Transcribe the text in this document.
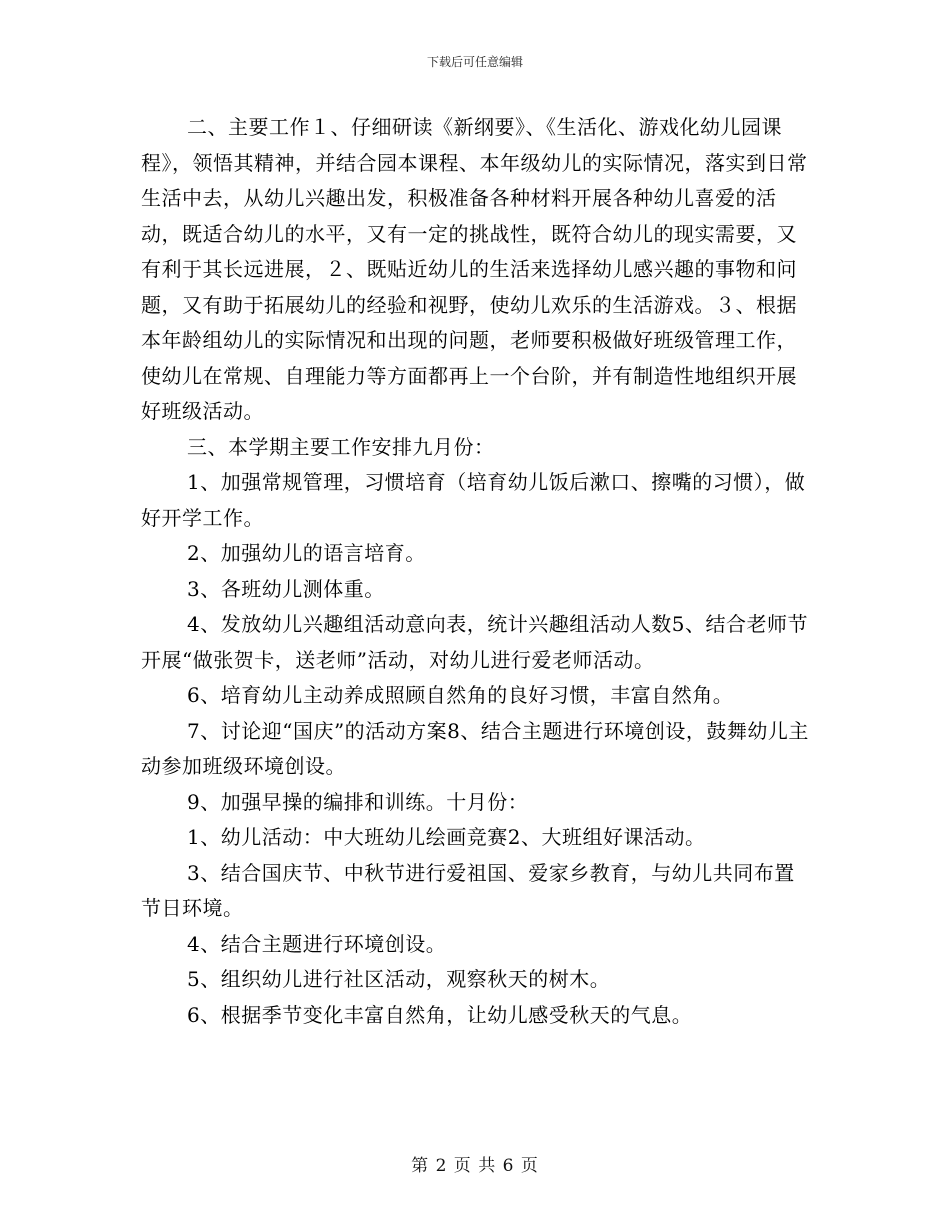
下载后可任意编辑

二、主要工作１、仔细研读《新纲要》、《生活化、游戏化幼儿园课程》，领悟其精神，并结合园本课程、本年级幼儿的实际情况，落实到日常生活中去，从幼儿兴趣出发，积极准备各种材料开展各种幼儿喜爱的活动，既适合幼儿的水平，又有一定的挑战性，既符合幼儿的现实需要，又有利于其长远进展，２、既贴近幼儿的生活来选择幼儿感兴趣的事物和问题，又有助于拓展幼儿的经验和视野，使幼儿欢乐的生活游戏。３、根据本年龄组幼儿的实际情况和出现的问题，老师要积极做好班级管理工作，使幼儿在常规、自理能力等方面都再上一个台阶，并有制造性地组织开展好班级活动。

三、本学期主要工作安排九月份：

1、加强常规管理，习惯培育（培育幼儿饭后漱口、擦嘴的习惯），做好开学工作。

2、加强幼儿的语言培育。

3、各班幼儿测体重。

4、发放幼儿兴趣组活动意向表，统计兴趣组活动人数5、结合老师节开展“做张贺卡，送老师”活动，对幼儿进行爱老师活动。

6、培育幼儿主动养成照顾自然角的良好习惯，丰富自然角。

7、讨论迎“国庆”的活动方案8、结合主题进行环境创设，鼓舞幼儿主动参加班级环境创设。

9、加强早操的编排和训练。十月份：

1、幼儿活动：中大班幼儿绘画竞赛2、大班组好课活动。

3、结合国庆节、中秋节进行爱祖国、爱家乡教育，与幼儿共同布置节日环境。

4、结合主题进行环境创设。

5、组织幼儿进行社区活动，观察秋天的树木。

6、根据季节变化丰富自然角，让幼儿感受秋天的气息。

第 2 页 共 6 页
